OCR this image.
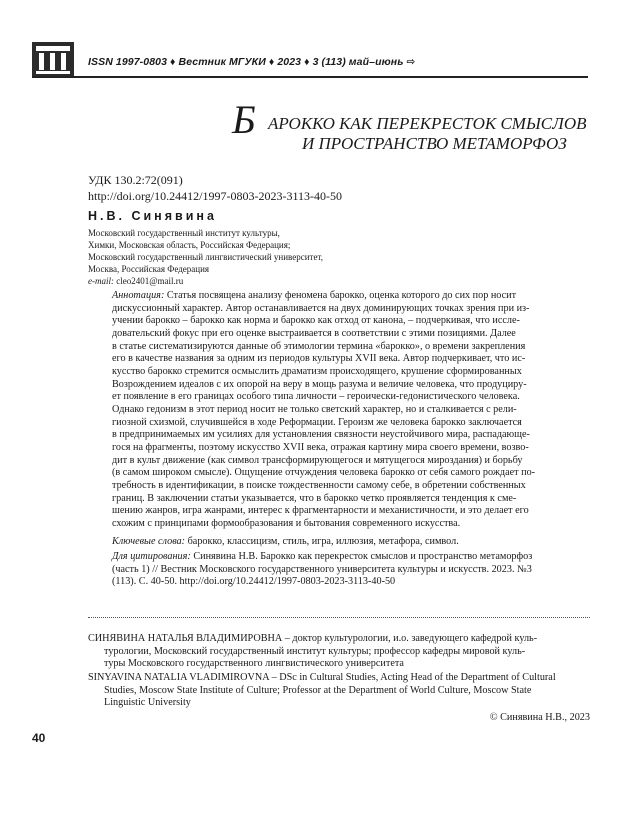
ISSN 1997-0803 ♦ Вестник МГУКИ ♦ 2023 ♦ 3 (113) май–июнь ⇨
Б АРОККО КАК ПЕРЕКРЕСТОК СМЫСЛОВ
И ПРОСТРАНСТВО МЕТАМОРФОЗ
УДК 130.2:72(091)
http://doi.org/10.24412/1997-0803-2023-3113-40-50
Н.В. Синявина
Московский государственный институт культуры,
Химки, Московская область, Российская Федерация;
Московский государственный лингвистический университет,
Москва, Российская Федерация
e-mail: cleo2401@mail.ru
Аннотация: Статья посвящена анализу феномена барокко, оценка которого до сих пор носит
дискуссионный характер. Автор останавливается на двух доминирующих точках зрения при из-
учении барокко – барокко как норма и барокко как отход от канона, – подчеркивая, что иссле-
довательский фокус при его оценке выстраивается в соответствии с этими позициями. Далее
в статье систематизируются данные об этимологии термина «барокко», о времени закрепления
его в качестве названия за одним из периодов культуры XVII века. Автор подчеркивает, что ис-
кусство барокко стремится осмыслить драматизм происходящего, крушение сформированных
Возрождением идеалов с их опорой на веру в мощь разума и величие человека, что продуциру-
ет появление в его границах особого типа личности – героически-гедонистического человека.
Однако гедонизм в этот период носит не только светский характер, но и сталкивается с рели-
гиозной схизмой, случившейся в ходе Реформации. Героизм же человека барокко заключается
в предпринимаемых им усилиях для установления связности неустойчивого мира, распадающе-
гося на фрагменты, поэтому искусство XVII века, отражая картину мира своего времени, возво-
дит в культ движение (как символ трансформирующегося и мятущегося мироздания) и борьбу
(в самом широком смысле). Ощущение отчуждения человека барокко от себя самого рождает по-
требность в идентификации, в поиске тождественности самому себе, в обретении собственных
границ. В заключении статьи указывается, что в барокко четко проявляется тенденция к сме-
шению жанров, игра жанрами, интерес к фрагментарности и механистичности, и это делает его
схожим с принципами формообразования и бытования современного искусства.
Ключевые слова: барокко, классицизм, стиль, игра, иллюзия, метафора, символ.
Для цитирования: Синявина Н.В. Барокко как перекресток смыслов и пространство метаморфоз
(часть 1) // Вестник Московского государственного университета культуры и искусств. 2023. №3
(113). С. 40-50. http://doi.org/10.24412/1997-0803-2023-3113-40-50
СИНЯВИНА НАТАЛЬЯ ВЛАДИМИРОВНА – доктор культурологии, и.о. заведующего кафедрой куль-
турологии, Московский государственный институт культуры; профессор кафедры мировой куль-
туры Московского государственного лингвистического университета
SINYAVINA NATALIA VLADIMIROVNA – DSc in Cultural Studies, Acting Head of the Department of Cultural
Studies, Moscow State Institute of Culture; Professor at the Department of World Culture, Moscow State
Linguistic University
© Синявина Н.В., 2023
40
